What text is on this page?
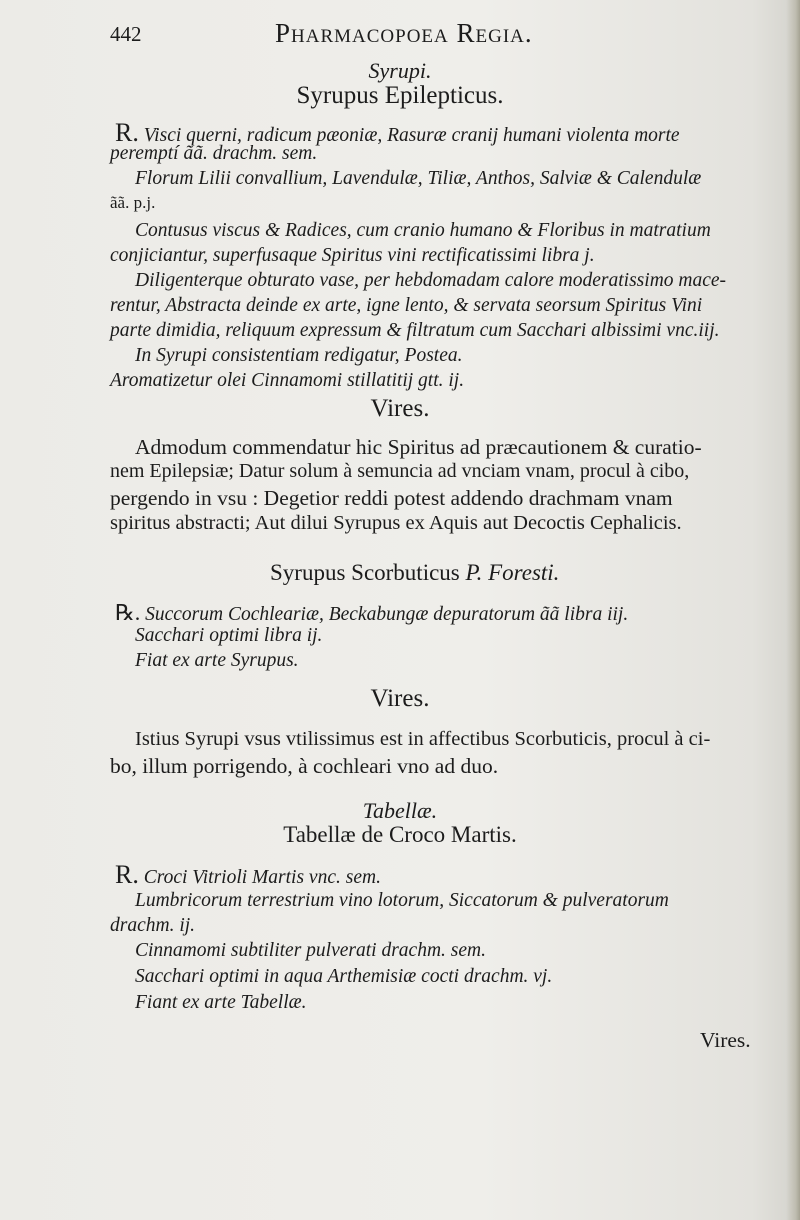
442	Pharmacopoea Regia.
Syrupi.
Syrupus Epilepticus.
R. Visci querni, radicum pæoniæ, Rasuræ cranij humani violenta morte
peremptí ãã. drachm. sem.
Florum Lilii convallium, Lavendulæ, Tiliæ, Anthos, Salviæ & Calendulæ
ãã. p.j.
Contusus viscus & Radices, cum cranio humano & Floribus in matratium
conjiciantur, superfusaque Spiritus vini rectificatissimi libra j.
Diligenterque obturato vase, per hebdomadam calore moderatissimo mace-
rentur, Abstracta deinde ex arte, igne lento, & servata seorsum Spiritus Vini
parte dimidia, reliquum expressum & filtratum cum Sacchari albissimi vnc.iij.
In Syrupi consistentiam redigatur, Postea.
Aromatizetur olei Cinnamomi stillatitij gtt. ij.
Vires.
Admodum commendatur hic Spiritus ad præcautionem & curatio-
nem Epilepsiæ; Datur solum à semuncia ad vnciam vnam, procul à cibo,
pergendo in vsu : Degetior reddi potest addendo drachmam vnam
spiritus abstracti; Aut dilui Syrupus ex Aquis aut Decoctis Cephalicis.
Syrupus Scorbuticus P. Foresti.
℞. Succorum Cochleariæ, Beckabungæ depuratorum ãã libra iij.
Sacchari optimi libra ij.
Fiat ex arte Syrupus.
Vires.
Istius Syrupi vsus vtilissimus est in affectibus Scorbuticis, procul à ci-
bo, illum porrigendo, à cochleari vno ad duo.
Tabellæ.
Tabellæ de Croco Martis.
R. Croci Vitrioli Martis vnc. sem.
Lumbricorum terrestrium vino lotorum, Siccatorum & pulveratorum
drachm. ij.
Cinnamomi subtiliter pulverati drachm. sem.
Sacchari optimi in aqua Arthemisiæ cocti drachm. vj.
Fiant ex arte Tabellæ.
Vires.
